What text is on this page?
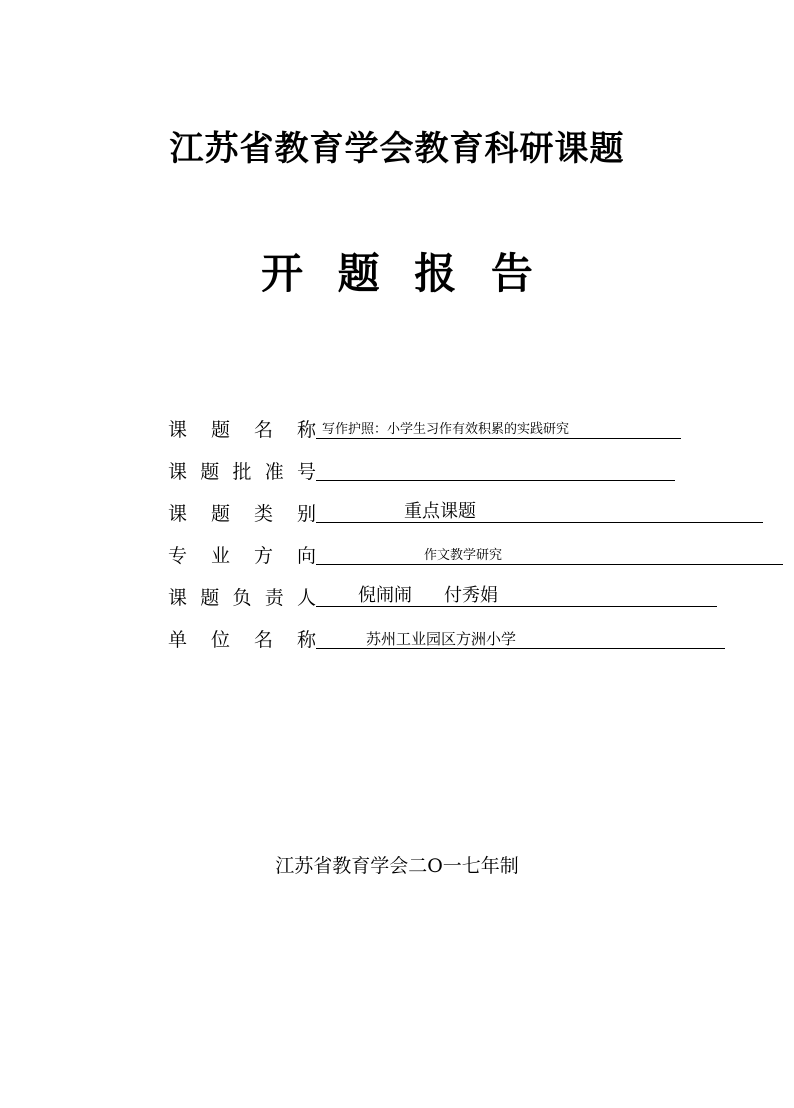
江苏省教育学会教育科研课题
开 题 报 告
课 题 名 称 写作护照：小学生习作有效积累的实践研究
课 题 批 准 号
课 题 类 别	重点课题
专 业 方 向	作文教学研究
课 题 负 责 人	倪闹闹 付秀娟
单 位 名 称	苏州工业园区方洲小学
江苏省教育学会二O一七年制
